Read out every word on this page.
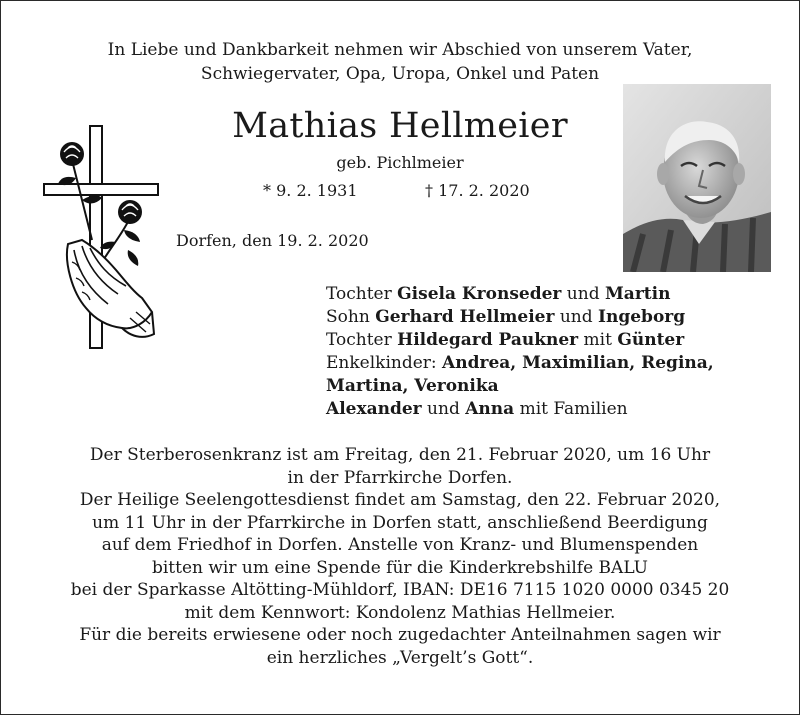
In Liebe und Dankbarkeit nehmen wir Abschied von unserem Vater,
Schwiegervater, Opa, Uropa, Onkel und Paten
Mathias Hellmeier
geb. Pichlmeier
* 9. 2. 1931	† 17. 2. 2020
Dorfen, den 19. 2. 2020
Tochter Gisela Kronseder und Martin
Sohn Gerhard Hellmeier und Ingeborg
Tochter Hildegard Paukner mit Günter
Enkelkinder: Andrea, Maximilian, Regina,
Martina, Veronika
Alexander und Anna mit Familien
Der Sterberosenkranz ist am Freitag, den 21. Februar 2020, um 16 Uhr
in der Pfarrkirche Dorfen.
Der Heilige Seelengottesdienst findet am Samstag, den 22. Februar 2020,
um 11 Uhr in der Pfarrkirche in Dorfen statt, anschließend Beerdigung
auf dem Friedhof in Dorfen. Anstelle von Kranz- und Blumenspenden
bitten wir um eine Spende für die Kinderkrebshilfe BALU
bei der Sparkasse Altötting-Mühldorf, IBAN: DE16 7115 1020 0000 0345 20
mit dem Kennwort: Kondolenz Mathias Hellmeier.
Für die bereits erwiesene oder noch zugedachter Anteilnahmen sagen wir
ein herzliches „Vergelt’s Gott“.
